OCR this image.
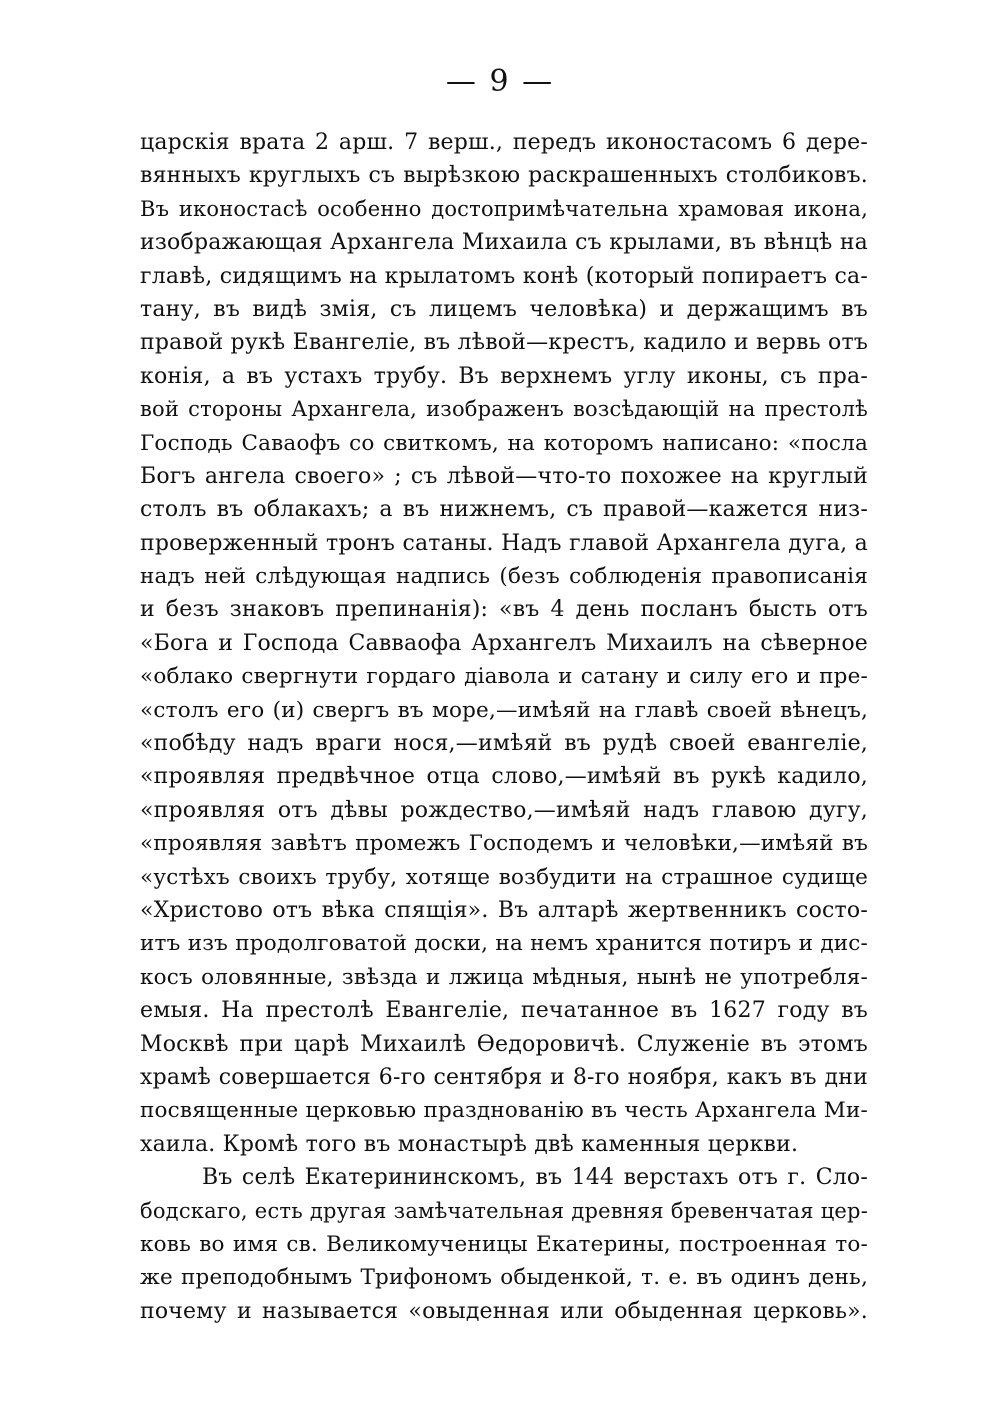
— 9 —
царскія врата 2 арш. 7 верш., передъ иконостасомъ 6 дере-
вянныхъ круглыхъ съ вырѣзкою раскрашенныхъ столбиковъ.
Въ иконостасѣ особенно достопримѣчательна храмовая икона,
изображающая Архангела Михаила съ крылами, въ вѣнцѣ на
главѣ, сидящимъ на крылатомъ конѣ (который попираетъ са-
тану, въ видѣ змія, съ лицемъ человѣка) и держащимъ въ
правой рукѣ Евангеліе, въ лѣвой—крестъ, кадило и вервь отъ
конія, а въ устахъ трубу. Въ верхнемъ углу иконы, съ пра-
вой стороны Архангела, изображенъ возсѣдающій на престолѣ
Господь Саваофъ со свиткомъ, на которомъ написано: «посла
Богъ ангела своего» ; съ лѣвой—что-то похожее на круглый
столъ въ облакахъ; а въ нижнемъ, съ правой—кажется низ-
проверженный тронъ сатаны. Надъ главой Архангела дуга, а
надъ ней слѣдующая надпись (безъ соблюденія правописанія
и безъ знаковъ препинанія): «въ 4 день посланъ бысть отъ
«Бога и Господа Савваофа Архангелъ Михаилъ на сѣверное
«облако свергнути гордаго діавола и сатану и силу его и пре-
«столъ его (и) свергъ въ море,—имѣяй на главѣ своей вѣнецъ,
«побѣду надъ враги нося,—имѣяй въ рудѣ своей евангеліе,
«проявляя предвѣчное отца слово,—имѣяй въ рукѣ кадило,
«проявляя отъ дѣвы рождество,—имѣяй надъ главою дугу,
«проявляя завѣтъ промежъ Господемъ и человѣки,—имѣяй въ
«устѣхъ своихъ трубу, хотяще возбудити на страшное судище
«Христово отъ вѣка спящія». Въ алтарѣ жертвенникъ состо-
итъ изъ продолговатой доски, на немъ хранится потиръ и дис-
косъ оловянные, звѣзда и лжица мѣдныя, нынѣ не употребля-
емыя. На престолѣ Евангеліе, печатанное въ 1627 году въ
Москвѣ при царѣ Михаилѣ Ѳедоровичѣ. Служеніе въ этомъ
храмѣ совершается 6-го сентября и 8-го ноября, какъ въ дни
посвященные церковью празднованію въ честь Архангела Ми-
хаила. Кромѣ того въ монастырѣ двѣ каменныя церкви.
Въ селѣ Екатерининскомъ, въ 144 верстахъ отъ г. Сло-
бодскаго, есть другая замѣчательная древняя бревенчатая цер-
ковь во имя св. Великомученицы Екатерины, построенная то-
же преподобнымъ Трифономъ обыденкой, т. е. въ одинъ день,
почему и называется «овыденная или обыденная церковь».
